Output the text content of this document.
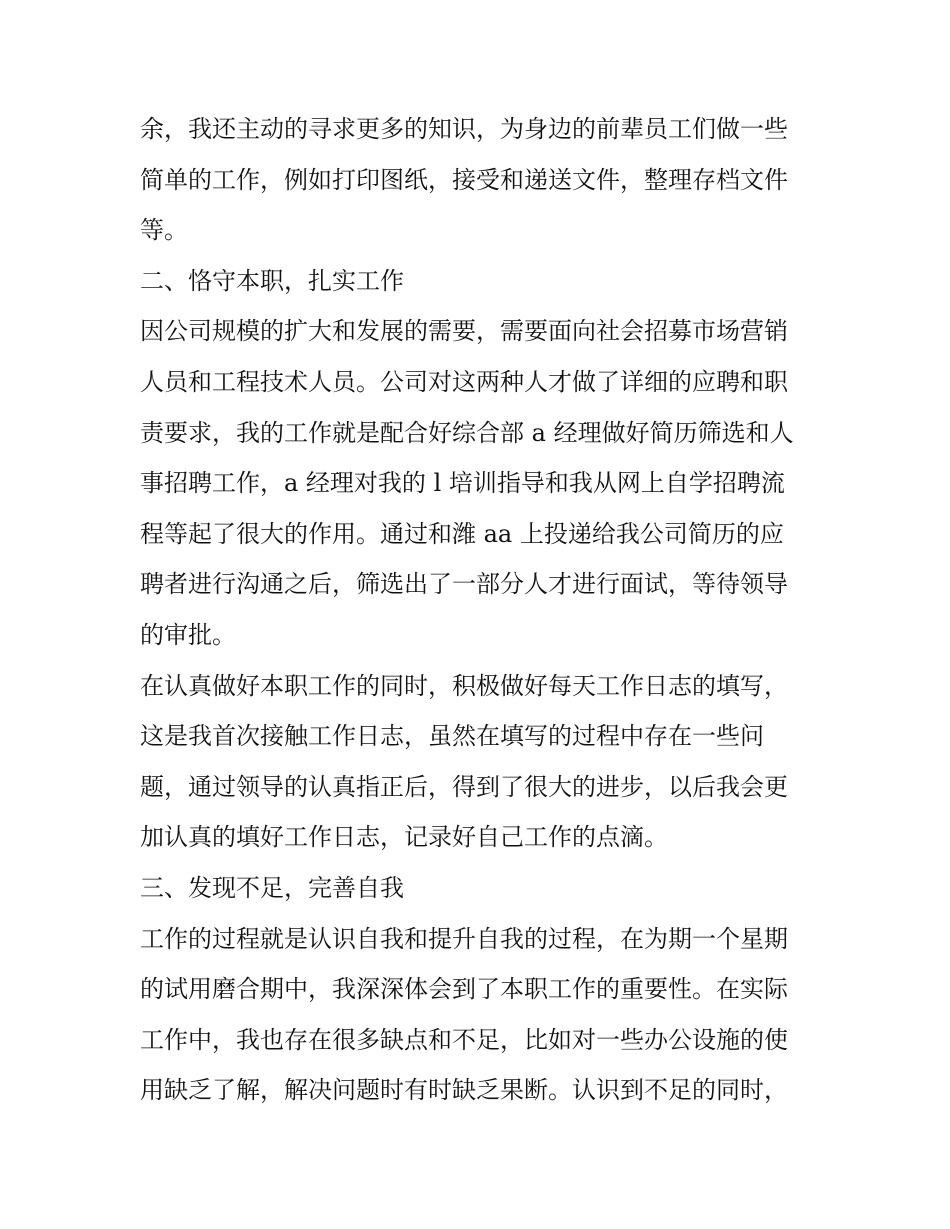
余，我还主动的寻求更多的知识，为身边的前辈员工们做一些
简单的工作，例如打印图纸，接受和递送文件，整理存档文件
等。
二、恪守本职，扎实工作
因公司规模的扩大和发展的需要，需要面向社会招募市场营销
人员和工程技术人员。公司对这两种人才做了详细的应聘和职
责要求，我的工作就是配合好综合部 a 经理做好简历筛选和人
事招聘工作，a 经理对我的 l 培训指导和我从网上自学招聘流
程等起了很大的作用。通过和潍 aa 上投递给我公司简历的应
聘者进行沟通之后，筛选出了一部分人才进行面试，等待领导
的审批。
在认真做好本职工作的同时，积极做好每天工作日志的填写，
这是我首次接触工作日志，虽然在填写的过程中存在一些问
题，通过领导的认真指正后，得到了很大的进步，以后我会更
加认真的填好工作日志，记录好自己工作的点滴。
三、发现不足，完善自我
工作的过程就是认识自我和提升自我的过程，在为期一个星期
的试用磨合期中，我深深体会到了本职工作的重要性。在实际
工作中，我也存在很多缺点和不足，比如对一些办公设施的使
用缺乏了解，解决问题时有时缺乏果断。认识到不足的同时，
